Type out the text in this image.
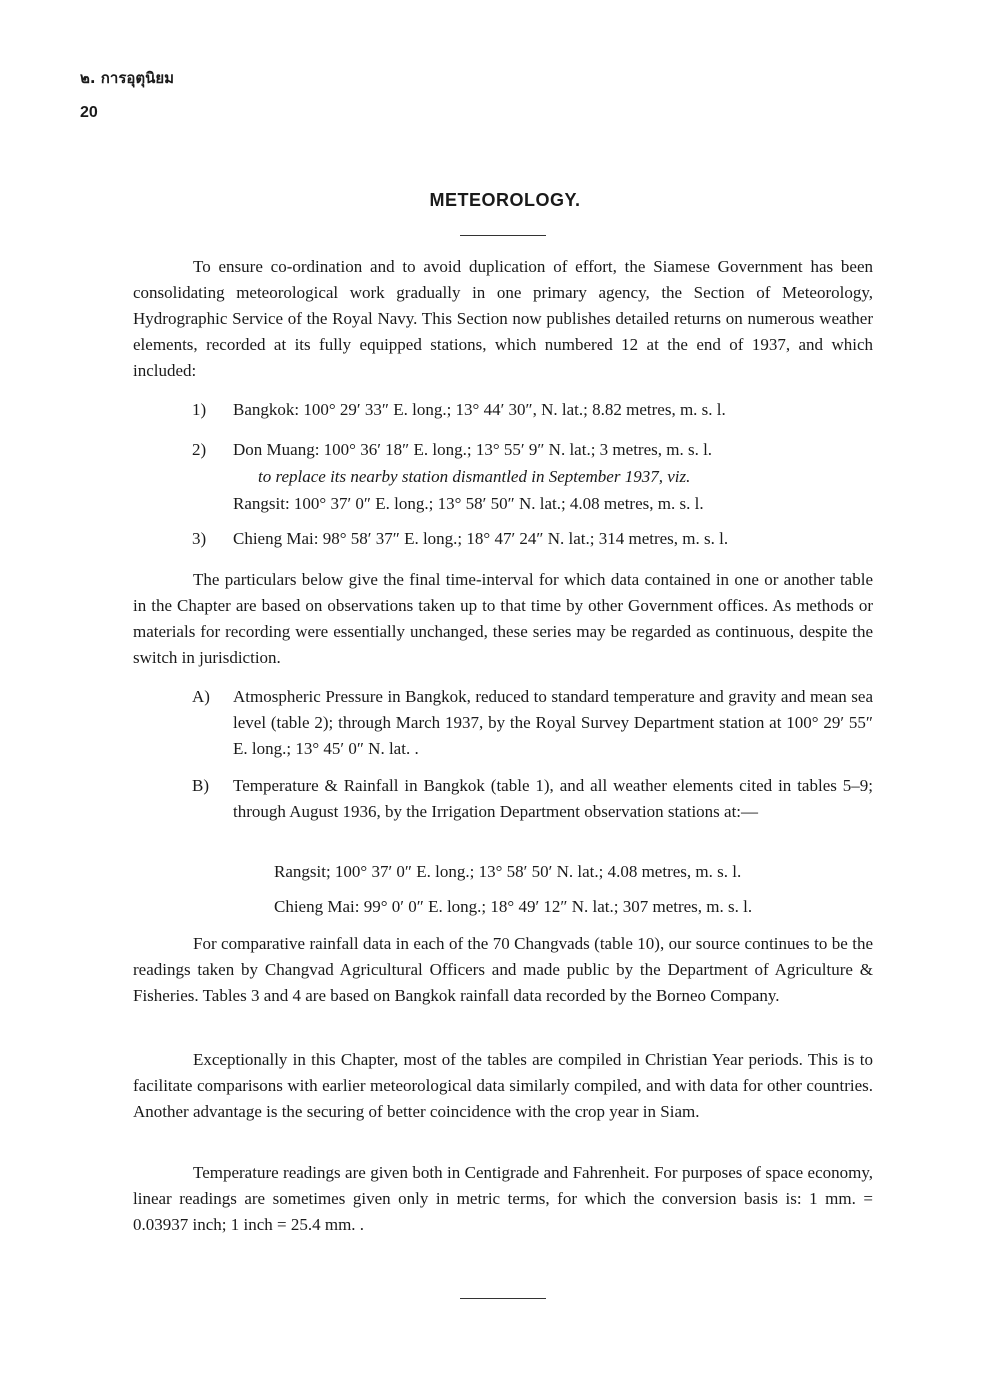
๒. การอุตุนิยม
20
METEOROLOGY.

To ensure co-ordination and to avoid duplication of effort, the Siamese Government has been consolidating meteorological work gradually in one primary agency, the Section of Meteorology, Hydrographic Service of the Royal Navy. This Section now publishes detailed returns on numerous weather elements, recorded at its fully equipped stations, which numbered 12 at the end of 1937, and which included:

1) Bangkok: 100° 29′ 33″ E. long.; 13° 44′ 30″, N. lat.; 8.82 metres, m. s. l.
2) Don Muang: 100° 36′ 18″ E. long.; 13° 55′ 9″ N. lat.; 3 metres, m. s. l.
to replace its nearby station dismantled in September 1937, viz.
Rangsit: 100° 37′ 0″ E. long.; 13° 58′ 50″ N. lat.; 4.08 metres, m. s. l.
3) Chieng Mai: 98° 58′ 37″ E. long.; 18° 47′ 24″ N. lat.; 314 metres, m. s. l.

The particulars below give the final time-interval for which data contained in one or another table in the Chapter are based on observations taken up to that time by other Government offices. As methods or materials for recording were essentially unchanged, these series may be regarded as continuous, despite the switch in jurisdiction.

A) Atmospheric Pressure in Bangkok, reduced to standard temperature and gravity and mean sea level (table 2); through March 1937, by the Royal Survey Department station at 100° 29′ 55″ E. long.; 13° 45′ 0″ N. lat. .
B) Temperature & Rainfall in Bangkok (table 1), and all weather elements cited in tables 5–9; through August 1936, by the Irrigation Department observation stations at:—
Rangsit; 100° 37′ 0″ E. long.; 13° 58′ 50′ N. lat.; 4.08 metres, m. s. l.
Chieng Mai: 99° 0′ 0″ E. long.; 18° 49′ 12″ N. lat.; 307 metres, m. s. l.

For comparative rainfall data in each of the 70 Changvads (table 10), our source continues to be the readings taken by Changvad Agricultural Officers and made public by the Department of Agriculture & Fisheries. Tables 3 and 4 are based on Bangkok rainfall data recorded by the Borneo Company.

Exceptionally in this Chapter, most of the tables are compiled in Christian Year periods. This is to facilitate comparisons with earlier meteorological data similarly compiled, and with data for other countries. Another advantage is the securing of better coincidence with the crop year in Siam.

Temperature readings are given both in Centigrade and Fahrenheit. For purposes of space economy, linear readings are sometimes given only in metric terms, for which the conversion basis is: 1 mm. = 0.03937 inch; 1 inch = 25.4 mm. .
